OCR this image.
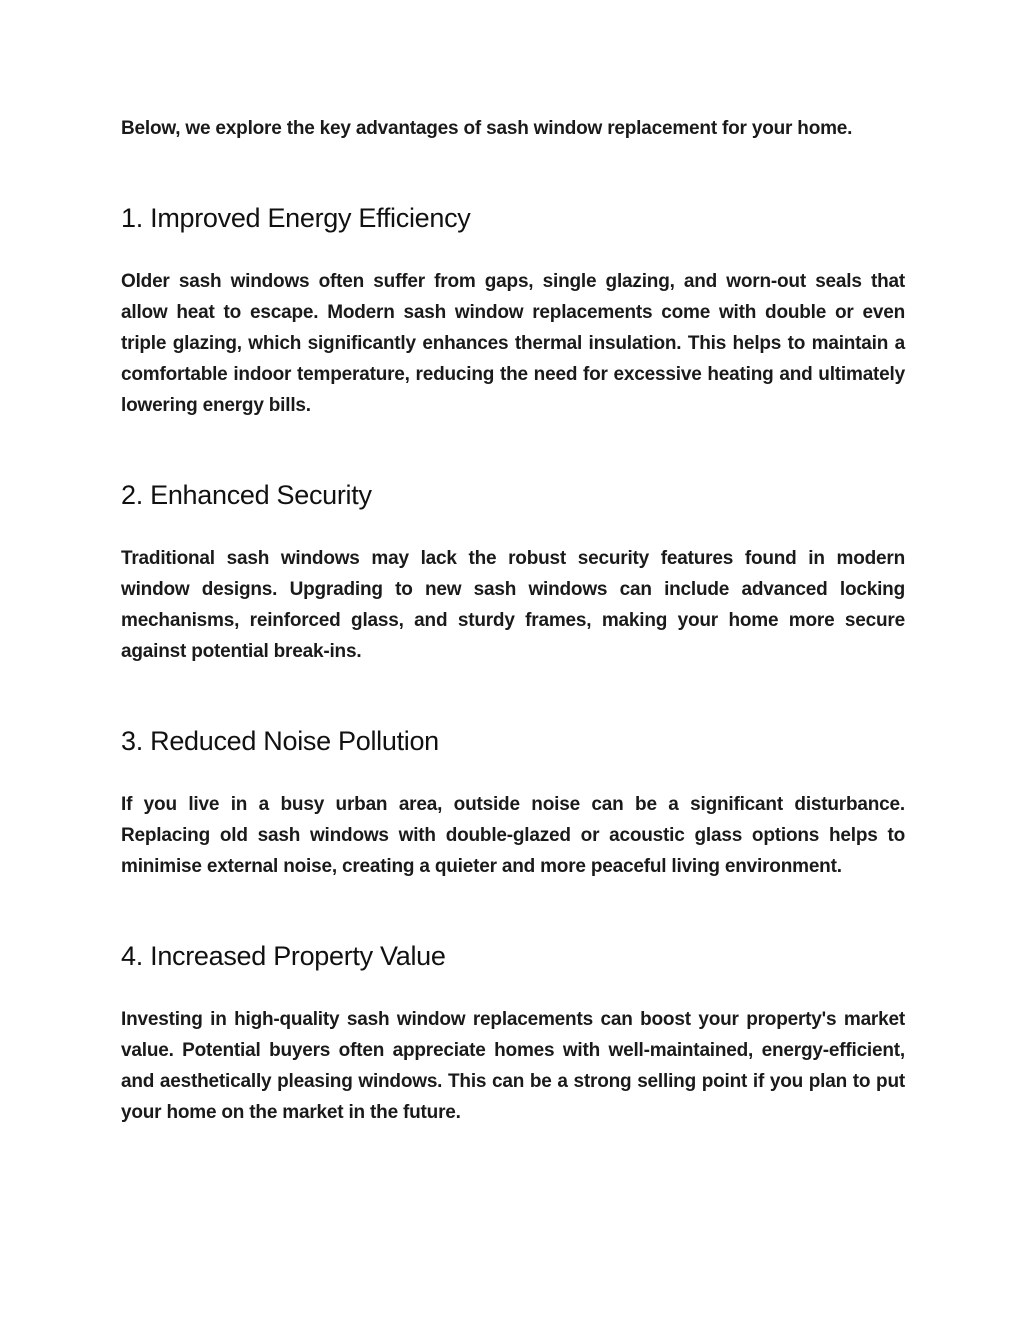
Below, we explore the key advantages of sash window replacement for your home.

1. Improved Energy Efficiency

Older sash windows often suffer from gaps, single glazing, and worn-out seals that allow heat to escape. Modern sash window replacements come with double or even triple glazing, which significantly enhances thermal insulation. This helps to maintain a comfortable indoor temperature, reducing the need for excessive heating and ultimately lowering energy bills.

2. Enhanced Security

Traditional sash windows may lack the robust security features found in modern window designs. Upgrading to new sash windows can include advanced locking mechanisms, reinforced glass, and sturdy frames, making your home more secure against potential break-ins.

3. Reduced Noise Pollution

If you live in a busy urban area, outside noise can be a significant disturbance. Replacing old sash windows with double-glazed or acoustic glass options helps to minimise external noise, creating a quieter and more peaceful living environment.

4. Increased Property Value

Investing in high-quality sash window replacements can boost your property's market value. Potential buyers often appreciate homes with well-maintained, energy-efficient, and aesthetically pleasing windows. This can be a strong selling point if you plan to put your home on the market in the future.
